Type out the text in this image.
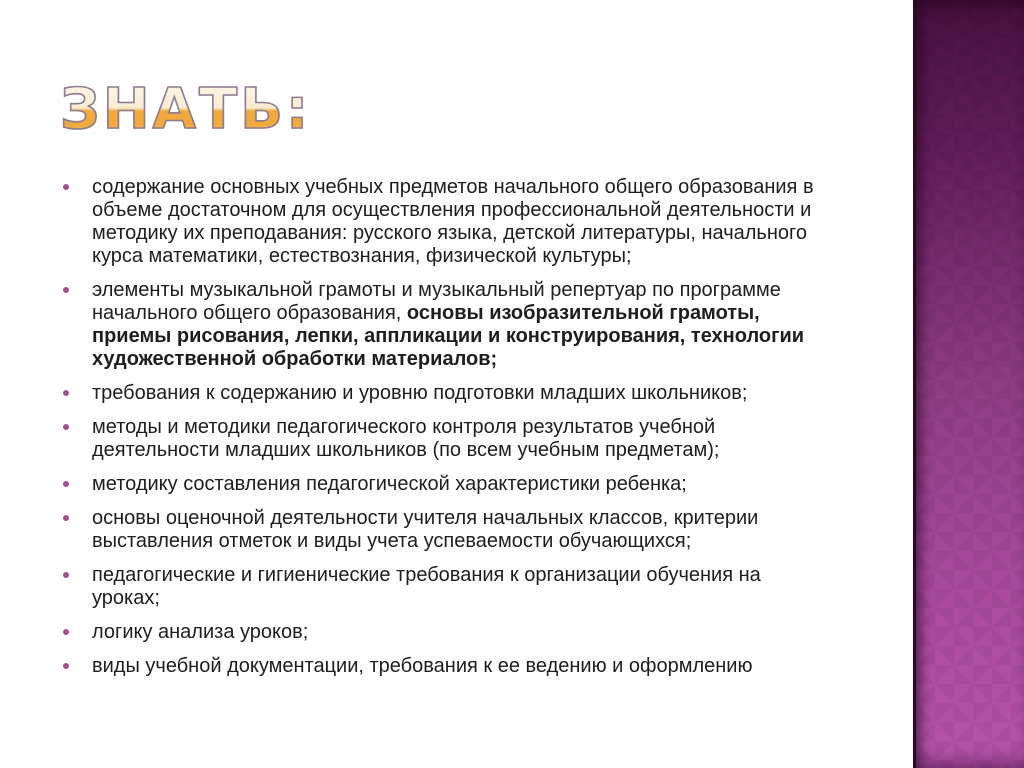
ЗНАТЬ:
содержание основных учебных предметов начального общего образования в объеме достаточном для осуществления профессиональной деятельности и методику их преподавания: русского языка, детской литературы, начального курса математики, естествознания, физической культуры;
элементы музыкальной грамоты и музыкальный репертуар по программе начального общего образования, основы изобразительной грамоты, приемы рисования, лепки, аппликации и конструирования, технологии художественной обработки материалов;
требования к содержанию и уровню подготовки младших школьников;
методы и методики педагогического контроля результатов учебной деятельности младших школьников (по всем учебным предметам);
методику составления педагогической характеристики ребенка;
основы оценочной деятельности учителя начальных классов, критерии выставления отметок и виды учета успеваемости обучающихся;
педагогические и гигиенические требования к организации обучения на уроках;
логику анализа уроков;
виды учебной документации, требования к ее ведению и оформлению
